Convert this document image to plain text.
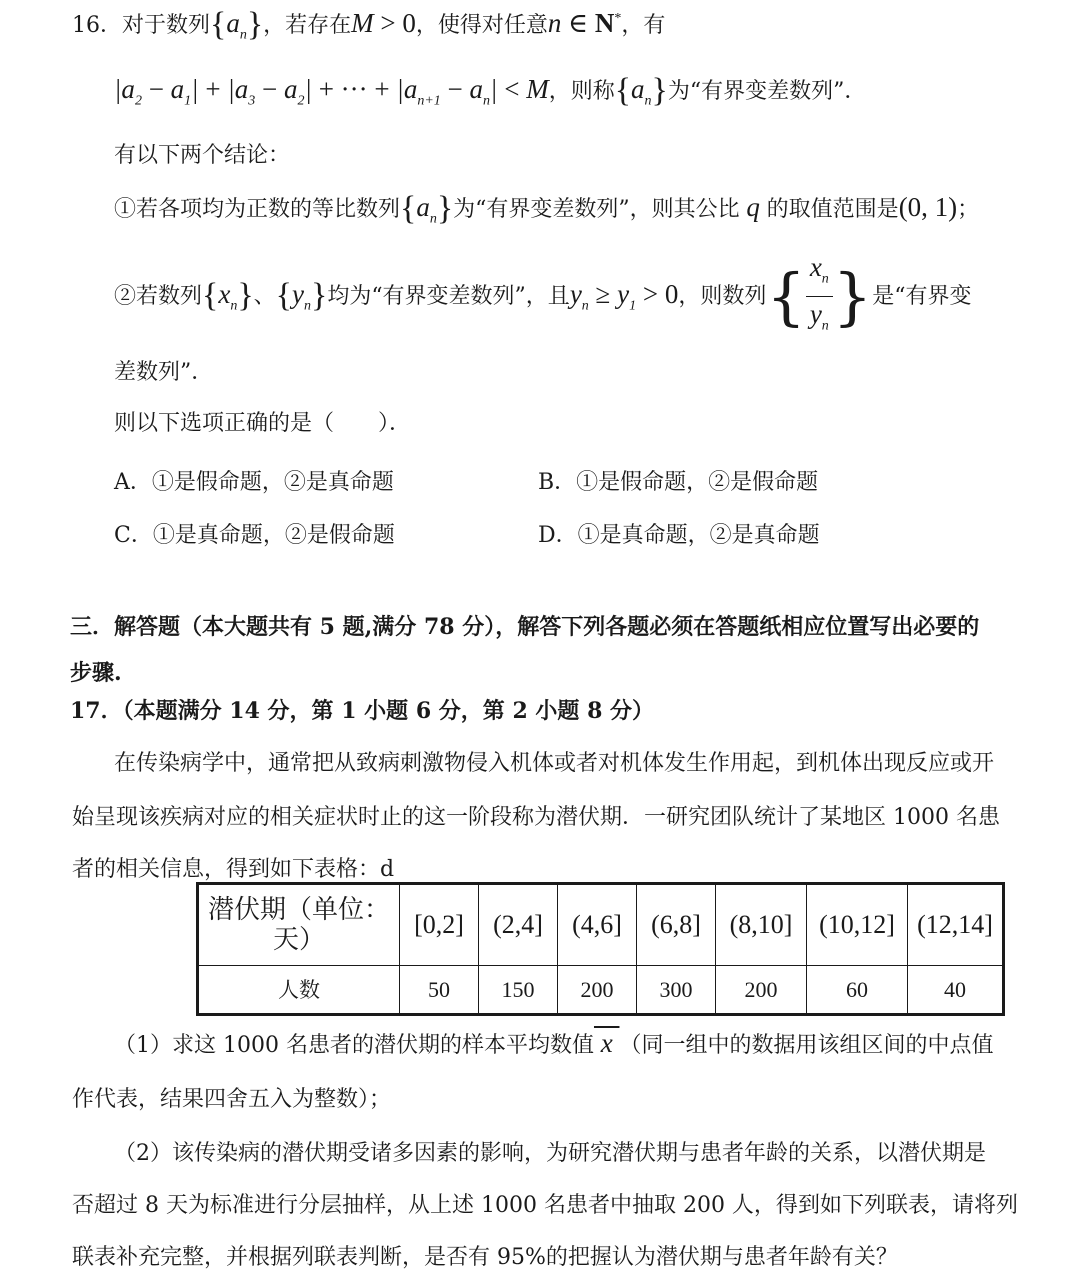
16．对于数列$\{a_n\}$，若存在M > 0，使得对任意n ∈ N*，有
$|a_2 - a_1| + |a_3 - a_2|$ + ··· + $|a_{n+1} - a_n| < M$，则称$\{a_n\}$为“有界变差数列”．
有以下两个结论：
①若各项均为正数的等比数列$\{a_n\}$为“有界变差数列”，则其公比 q 的取值范围是(0, 1)；
②若数列$\{x_n\}$、$\{y_n\}$均为“有界变差数列”，且$y_n \ge y_1 > 0$，则数列{ $\frac{x_n}{y_n}$ }是“有界变
差数列”．
则以下选项正确的是（　　）．
A．①是假命题，②是真命题	B．①是假命题，②是假命题
C．①是真命题，②是假命题	D．①是真命题，②是真命题
三．解答题（本大题共有 5 题,满分 78 分），解答下列各题必须在答题纸相应位置写出必要的
步骤.
17．（本题满分 14 分，第 1 小题 6 分，第 2 小题 8 分）
在传染病学中，通常把从致病刺激物侵入机体或者对机体发生作用起，到机体出现反应或开
始呈现该疾病对应的相关症状时止的这一阶段称为潜伏期．一研究团队统计了某地区 1000 名患
者的相关信息，得到如下表格：d
潜伏期（单位：
天）	[0,2]	(2,4]	(4,6]	(6,8]	(8,10]	(10,12]	(12,14]
人数	50	150	200	300	200	60	40
（1）求这 1000 名患者的潜伏期的样本平均数值 x （同一组中的数据用该组区间的中点值
作代表，结果四舍五入为整数）；
（2）该传染病的潜伏期受诸多因素的影响，为研究潜伏期与患者年龄的关系，以潜伏期是
否超过 8 天为标准进行分层抽样，从上述 1000 名患者中抽取 200 人，得到如下列联表，请将列
联表补充完整，并根据列联表判断，是否有 95%的把握认为潜伏期与患者年龄有关？
